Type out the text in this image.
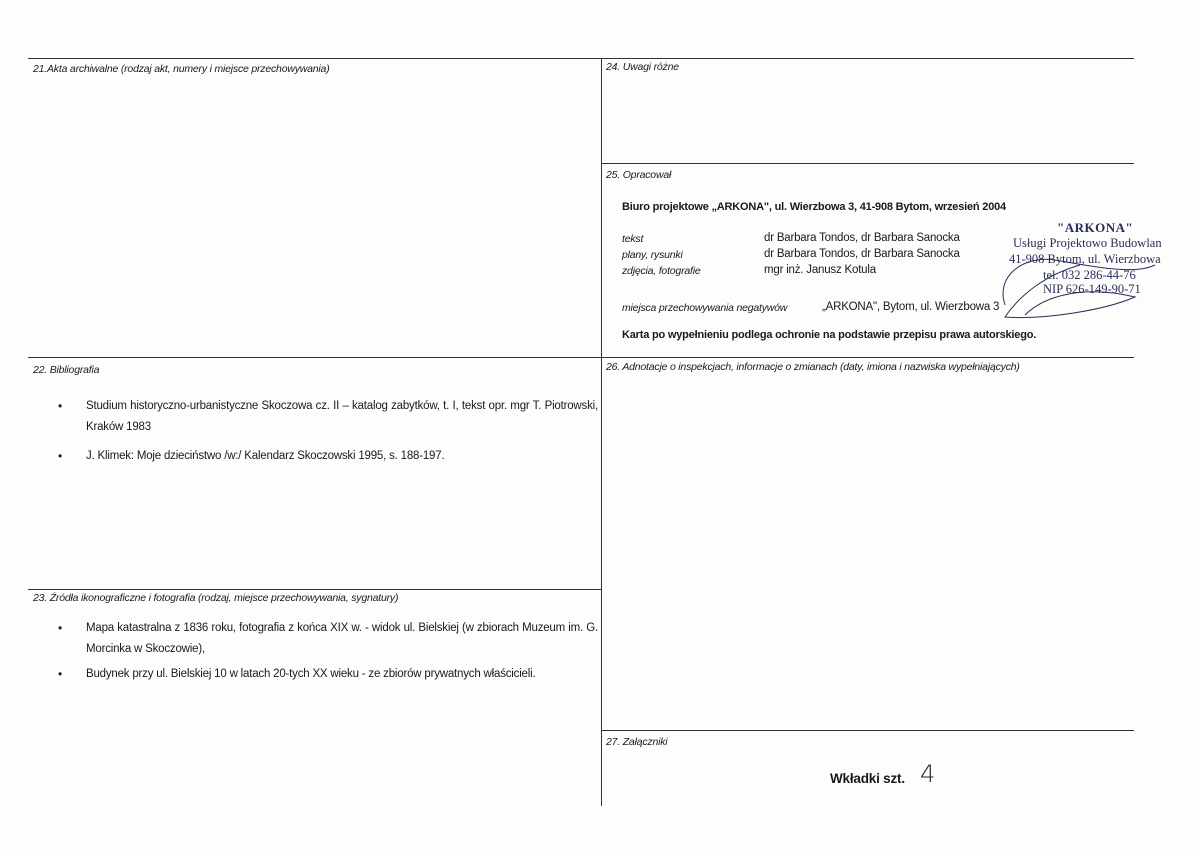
21.Akta archiwalne (rodzaj akt, numery i miejsce przechowywania)	24. Uwagi różne
25. Opracował
Biuro projektowe „ARKONA", ul. Wierzbowa 3, 41-908 Bytom, wrzesień 2004
tekst	dr Barbara Tondos, dr Barbara Sanocka
plany, rysunki	dr Barbara Tondos, dr Barbara Sanocka
zdjęcia, fotografie	mgr inż. Janusz Kotula
miejsca przechowywania negatywów	„ARKONA", Bytom, ul. Wierzbowa 3
Karta po wypełnieniu podlega ochronie na podstawie przepisu prawa autorskiego.
"ARKONA"
Usługi Projektowo Budowlan
41-908 Bytom, ul. Wierzbowa
tel. 032 286-44-76
NIP 626-149-90-71
22. Bibliografia
• Studium historyczno-urbanistyczne Skoczowa cz. II – katalog zabytków, t. I, tekst opr. mgr T. Piotrowski, Kraków 1983
• J. Klimek: Moje dzieciństwo /w:/ Kalendarz Skoczowski 1995, s. 188-197.
23. Źródła ikonograficzne i fotografia (rodzaj, miejsce przechowywania, sygnatury)
• Mapa katastralna z 1836 roku, fotografia z końca XIX w. - widok ul. Bielskiej (w zbiorach Muzeum im. G. Morcinka w Skoczowie),
• Budynek przy ul. Bielskiej 10 w latach 20-tych XX wieku - ze zbiorów prywatnych właścicieli.
26. Adnotacje o inspekcjach, informacje o zmianach (daty, imiona i nazwiska wypełniających)
27. Załączniki
Wkładki szt. 4
